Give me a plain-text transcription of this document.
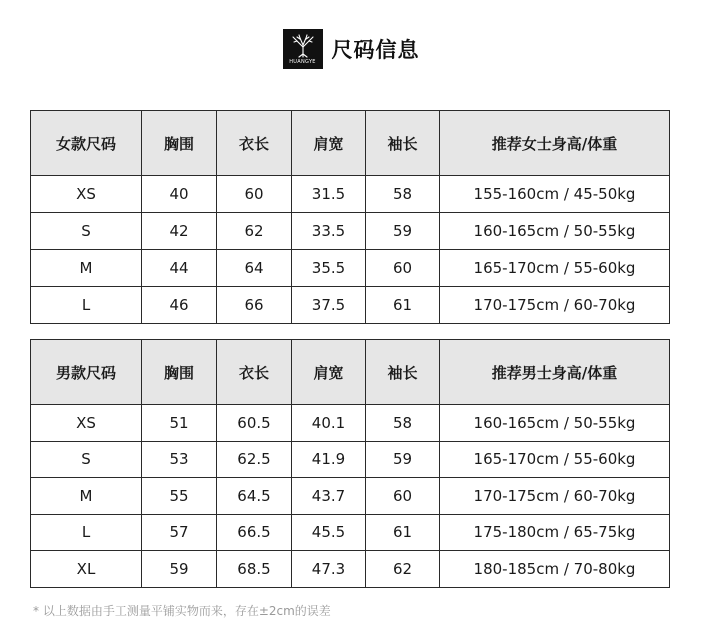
HUANGYE 尺码信息
女款尺码	胸围	衣长	肩宽	袖长	推荐女士身高/体重
XS	40	60	31.5	58	155-160cm / 45-50kg
S	42	62	33.5	59	160-165cm / 50-55kg
M	44	64	35.5	60	165-170cm / 55-60kg
L	46	66	37.5	61	170-175cm / 60-70kg
男款尺码	胸围	衣长	肩宽	袖长	推荐男士身高/体重
XS	51	60.5	40.1	58	160-165cm / 50-55kg
S	53	62.5	41.9	59	165-170cm / 55-60kg
M	55	64.5	43.7	60	170-175cm / 60-70kg
L	57	66.5	45.5	61	175-180cm / 65-75kg
XL	59	68.5	47.3	62	180-185cm / 70-80kg
* 以上数据由手工测量平铺实物而来，存在±2cm的误差
